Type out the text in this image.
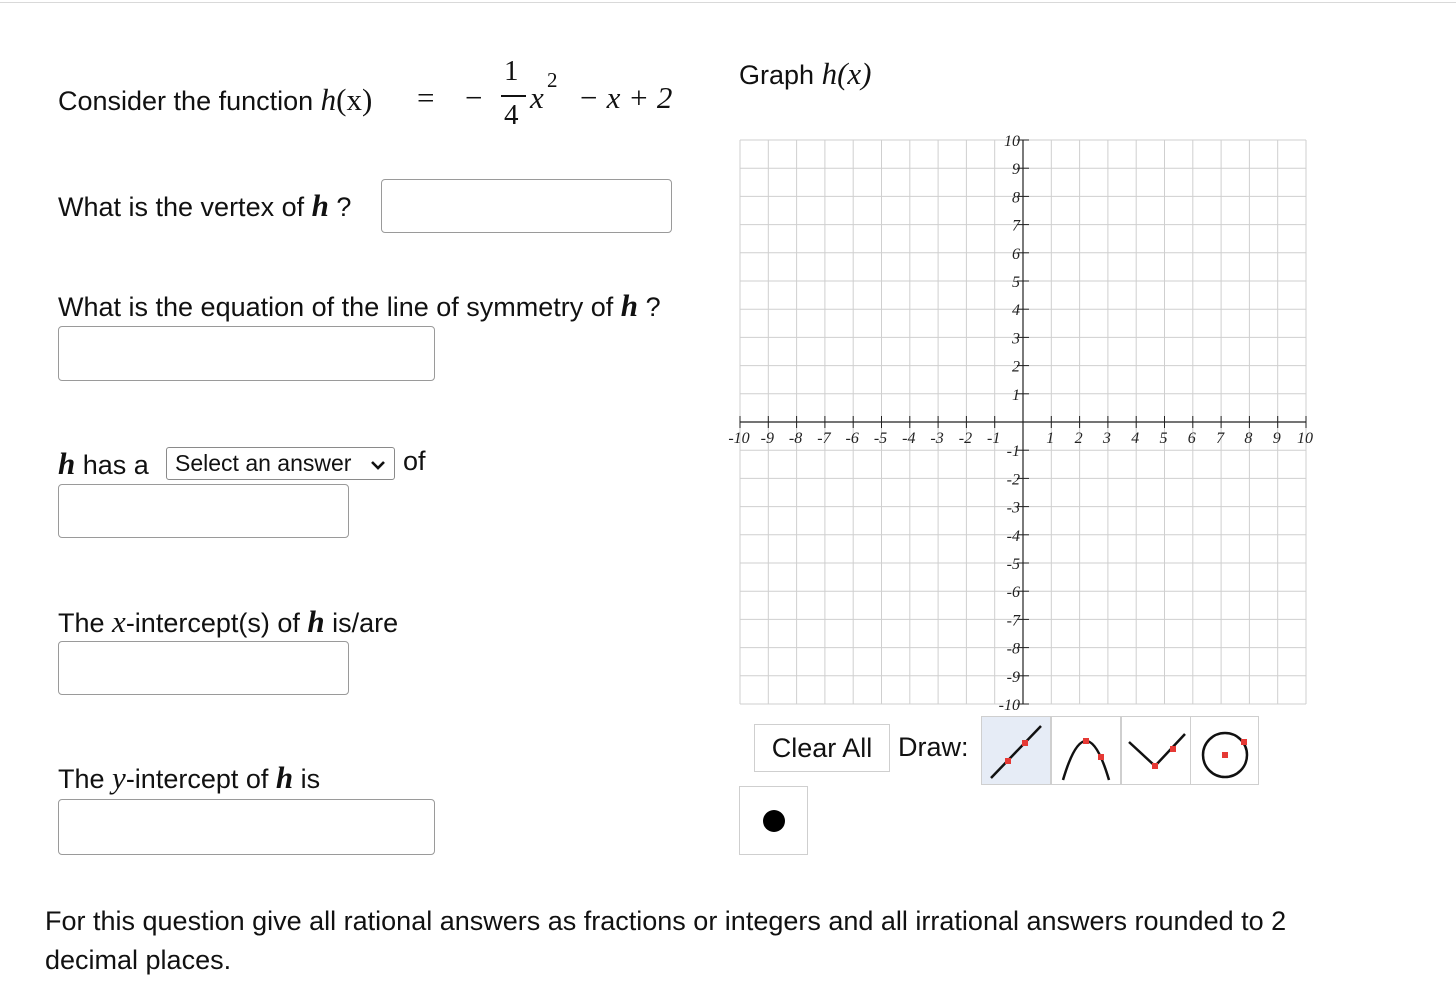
Consider the function h(x) = −
1
4 x 2 − x + 2
What is the vertex of h ?
What is the equation of the line of symmetry of h ?
h has a Select an answer of
The x-intercept(s) of h is/are
The y-intercept of h is
Graph h(x)
-10 -9 -8 -7 -6 -5 -4 -3 -2 -1	1 2 3 4 5 6 7 8 9 10
10
9
8
7
6
5
4
3
2
1
-1
-2
-3
-4
-5
-6
-7
-8
-9
-10
Clear All Draw:
For this question give all rational answers as fractions or integers and all irrational answers rounded to 2 decimal places.
